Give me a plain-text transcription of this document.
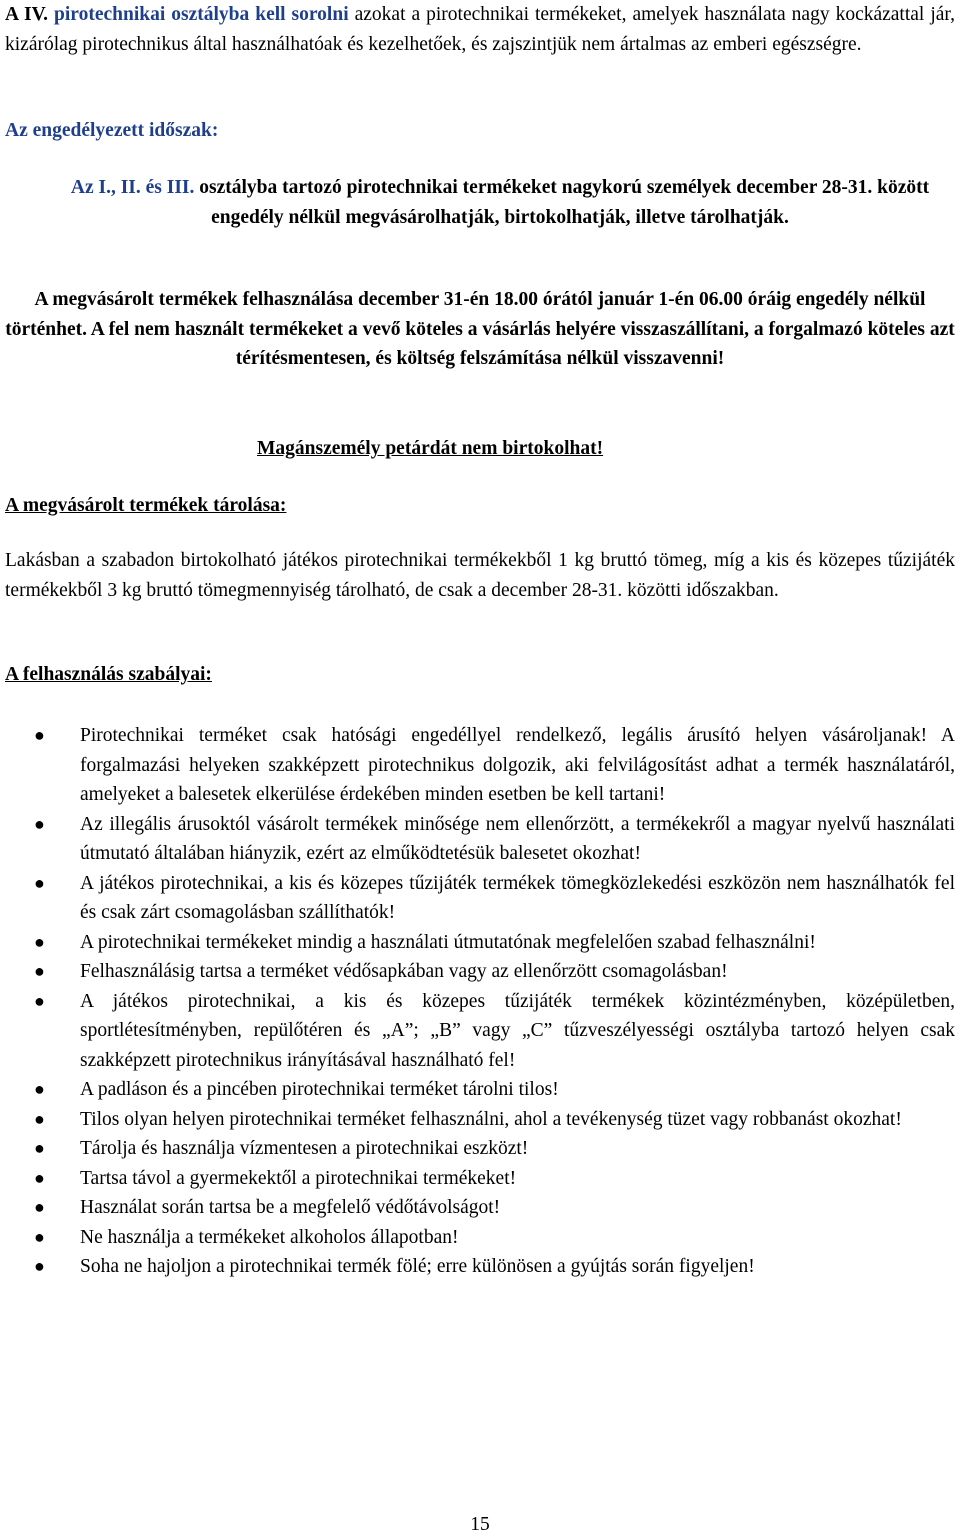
A IV. pirotechnikai osztályba kell sorolni azokat a pirotechnikai termékeket, amelyek használata nagy kockázattal jár, kizárólag pirotechnikus által használhatóak és kezelhetőek, és zajszintjük nem ártalmas az emberi egészségre.

Az engedélyezett időszak:

Az I., II. és III. osztályba tartozó pirotechnikai termékeket nagykorú személyek december 28-31. között engedély nélkül megvásárolhatják, birtokolhatják, illetve tárolhatják.

A megvásárolt termékek felhasználása december 31-én 18.00 órától január 1-én 06.00 óráig engedély nélkül történhet. A fel nem használt termékeket a vevő köteles a vásárlás helyére visszaszállítani, a forgalmazó köteles azt térítésmentesen, és költség felszámítása nélkül visszavenni!

Magánszemély petárdát nem birtokolhat!

A megvásárolt termékek tárolása:

Lakásban a szabadon birtokolható játékos pirotechnikai termékekből 1 kg bruttó tömeg, míg a kis és közepes tűzijáték termékekből 3 kg bruttó tömegmennyiség tárolható, de csak a december 28-31. közötti időszakban.

A felhasználás szabályai:

● Pirotechnikai terméket csak hatósági engedéllyel rendelkező, legális árusító helyen vásároljanak! A forgalmazási helyeken szakképzett pirotechnikus dolgozik, aki felvilágosítást adhat a termék használatáról, amelyeket a balesetek elkerülése érdekében minden esetben be kell tartani!
● Az illegális árusoktól vásárolt termékek minősége nem ellenőrzött, a termékekről a magyar nyelvű használati útmutató általában hiányzik, ezért az elműködtetésük balesetet okozhat!
● A játékos pirotechnikai, a kis és közepes tűzijáték termékek tömegközlekedési eszközön nem használhatók fel és csak zárt csomagolásban szállíthatók!
● A pirotechnikai termékeket mindig a használati útmutatónak megfelelően szabad felhasználni!
● Felhasználásig tartsa a terméket védősapkában vagy az ellenőrzött csomagolásban!
● A játékos pirotechnikai, a kis és közepes tűzijáték termékek közintézményben, középületben, sportlétesítményben, repülőtéren és „A”; „B” vagy „C” tűzveszélyességi osztályba tartozó helyen csak szakképzett pirotechnikus irányításával használható fel!
● A padláson és a pincében pirotechnikai terméket tárolni tilos!
● Tilos olyan helyen pirotechnikai terméket felhasználni, ahol a tevékenység tüzet vagy robbanást okozhat!
● Tárolja és használja vízmentesen a pirotechnikai eszközt!
● Tartsa távol a gyermekektől a pirotechnikai termékeket!
● Használat során tartsa be a megfelelő védőtávolságot!
● Ne használja a termékeket alkoholos állapotban!
● Soha ne hajoljon a pirotechnikai termék fölé; erre különösen a gyújtás során figyeljen!
15
